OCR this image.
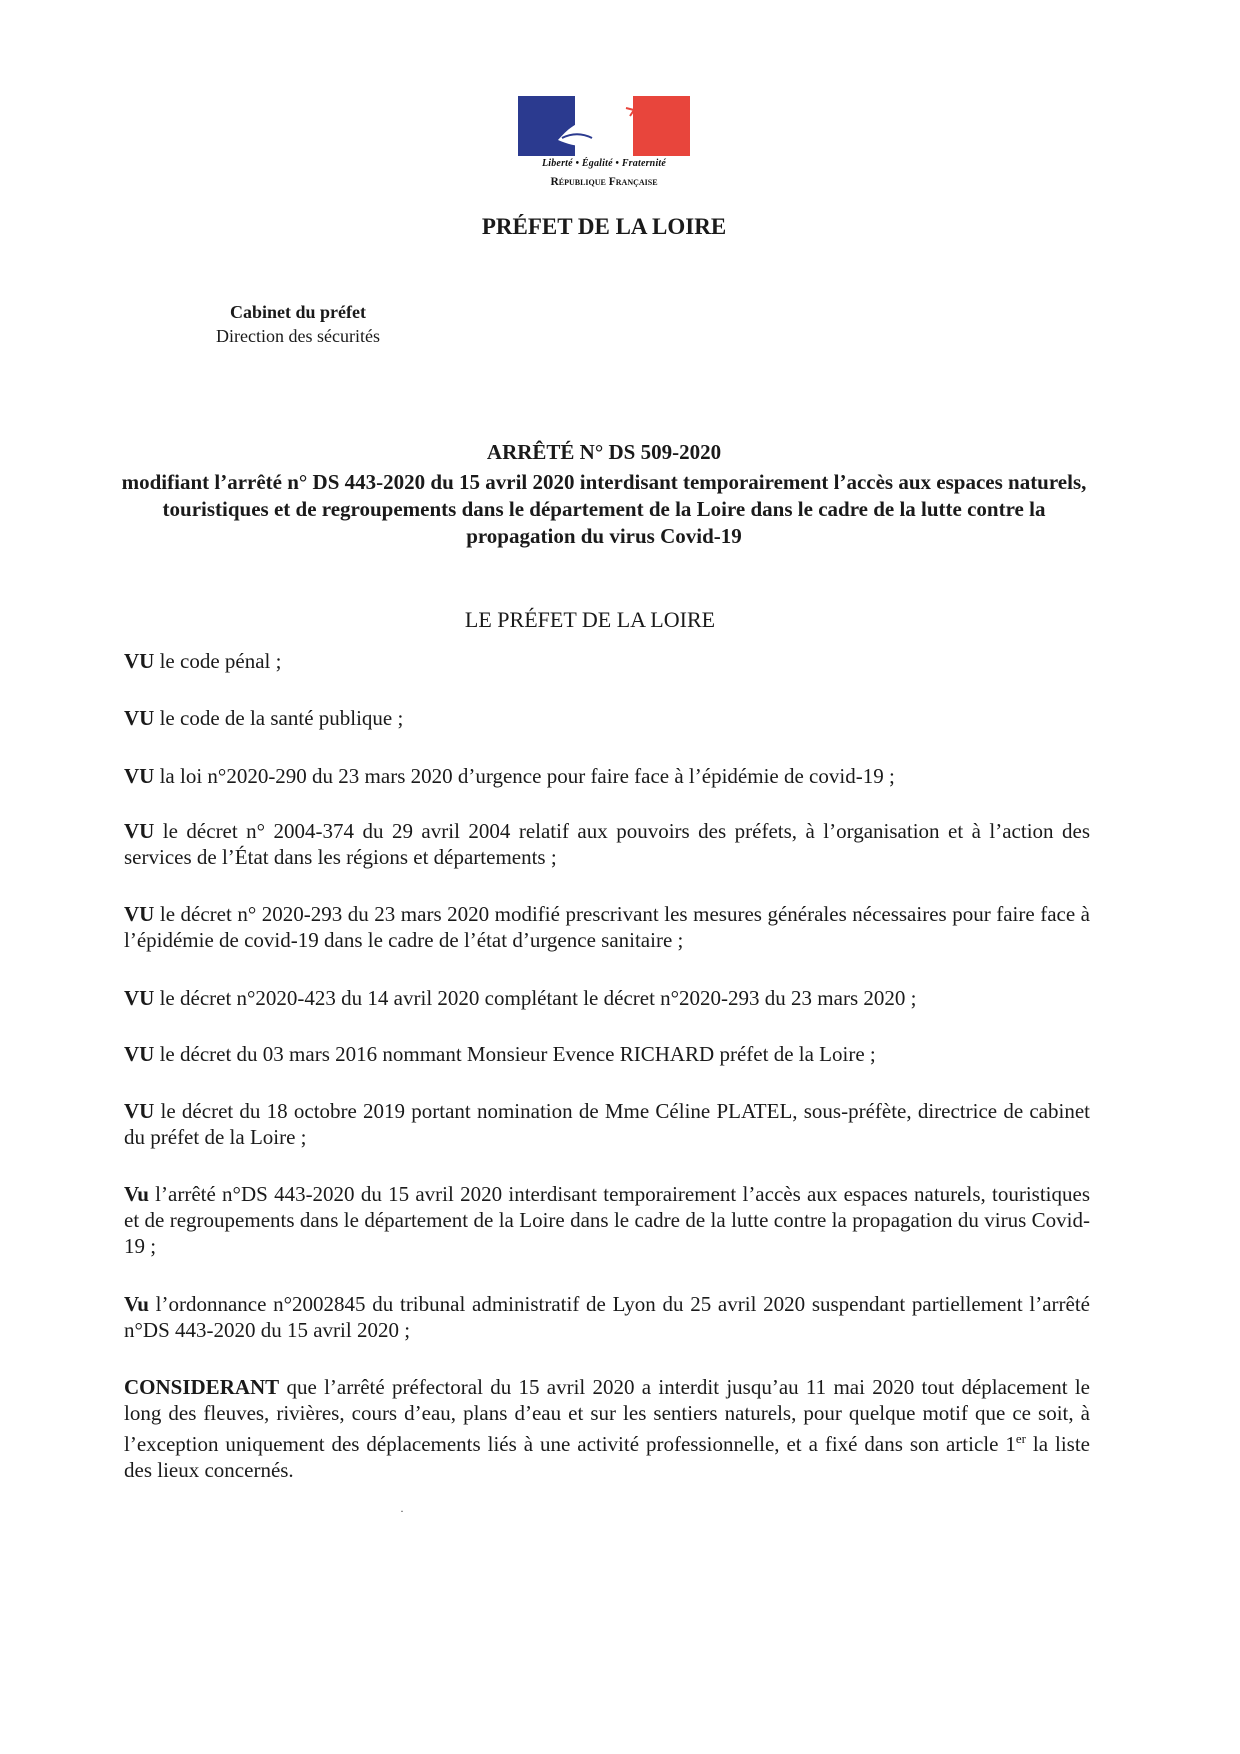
Liberté • Égalité • Fraternité
République Française
PRÉFET DE LA LOIRE
Cabinet du préfet
Direction des sécurités
ARRÊTÉ N° DS 509-2020
modifiant l’arrêté n° DS 443-2020 du 15 avril 2020 interdisant temporairement l’accès aux espaces naturels, touristiques et de regroupements dans le département de la Loire dans le cadre de la lutte contre la propagation du virus Covid-19
LE PRÉFET DE LA LOIRE

VU le code pénal ;

VU le code de la santé publique ;

VU la loi n°2020-290 du 23 mars 2020 d’urgence pour faire face à l’épidémie de covid-19 ;

VU le décret n° 2004-374 du 29 avril 2004 relatif aux pouvoirs des préfets, à l’organisation et à l’action des services de l’État dans les régions et départements ;

VU le décret n° 2020-293 du 23 mars 2020 modifié prescrivant les mesures générales nécessaires pour faire face à l’épidémie de covid-19 dans le cadre de l’état d’urgence sanitaire ;

VU le décret n°2020-423 du 14 avril 2020 complétant le décret n°2020-293 du 23 mars 2020 ;

VU le décret du 03 mars 2016 nommant Monsieur Evence RICHARD préfet de la Loire ;

VU le décret du 18 octobre 2019 portant nomination de Mme Céline PLATEL, sous-préfète, directrice de cabinet du préfet de la Loire ;

Vu l’arrêté n°DS 443-2020 du 15 avril 2020 interdisant temporairement l’accès aux espaces naturels, touristiques et de regroupements dans le département de la Loire dans le cadre de la lutte contre la propagation du virus Covid-19 ;

Vu l’ordonnance n°2002845 du tribunal administratif de Lyon du 25 avril 2020 suspendant partiellement l’arrêté n°DS 443-2020 du 15 avril 2020 ;

CONSIDERANT que l’arrêté préfectoral du 15 avril 2020 a interdit jusqu’au 11 mai 2020 tout déplacement le long des fleuves, rivières, cours d’eau, plans d’eau et sur les sentiers naturels, pour quelque motif que ce soit, à l’exception uniquement des déplacements liés à une activité professionnelle, et a fixé dans son article 1er la liste des lieux concernés.

·
